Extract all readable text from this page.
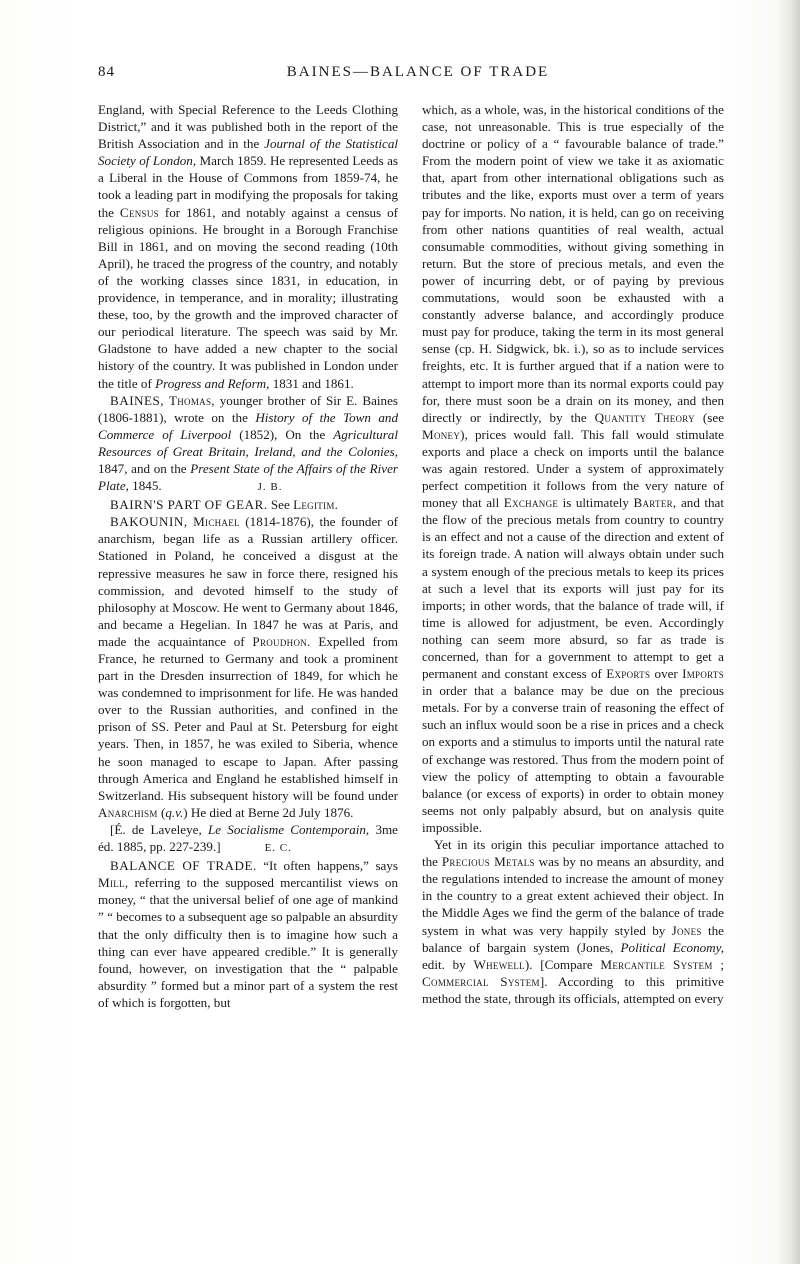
84	BAINES—BALANCE OF TRADE

England, with Special Reference to the Leeds Clothing District,” and it was published both in the report of the British Association and in the Journal of the Statistical Society of London, March 1859. He represented Leeds as a Liberal in the House of Commons from 1859-74, he took a leading part in modifying the proposals for taking the Census for 1861, and notably against a census of religious opinions. He brought in a Borough Franchise Bill in 1861, and on moving the second reading (10th April), he traced the progress of the country, and notably of the working classes since 1831, in education, in providence, in temperance, and in morality; illustrating these, too, by the growth and the improved character of our periodical literature. The speech was said by Mr. Gladstone to have added a new chapter to the social history of the country. It was published in London under the title of Progress and Reform, 1831 and 1861.

BAINES, Thomas, younger brother of Sir E. Baines (1806-1881), wrote on the History of the Town and Commerce of Liverpool (1852), On the Agricultural Resources of Great Britain, Ireland, and the Colonies, 1847, and on the Present State of the Affairs of the River Plate, 1845.	J. B.

BAIRN'S PART OF GEAR. See Legitim.

BAKOUNIN, Michael (1814-1876), the founder of anarchism, began life as a Russian artillery officer. Stationed in Poland, he conceived a disgust at the repressive measures he saw in force there, resigned his commission, and devoted himself to the study of philosophy at Moscow. He went to Germany about 1846, and became a Hegelian. In 1847 he was at Paris, and made the acquaintance of Proudhon. Expelled from France, he returned to Germany and took a prominent part in the Dresden insurrection of 1849, for which he was condemned to imprisonment for life. He was handed over to the Russian authorities, and confined in the prison of SS. Peter and Paul at St. Petersburg for eight years. Then, in 1857, he was exiled to Siberia, whence he soon managed to escape to Japan. After passing through America and England he established himself in Switzerland. His subsequent history will be found under Anarchism (q.v.) He died at Berne 2d July 1876.

[É. de Laveleye, Le Socialisme Contemporain, 3me éd. 1885, pp. 227-239.]	E. C.

BALANCE OF TRADE. “It often happens,” says Mill, referring to the supposed mercantilist views on money, “ that the universal belief of one age of mankind ” “ becomes to a subsequent age so palpable an absurdity that the only difficulty then is to imagine how such a thing can ever have appeared credible.” It is generally found, however, on investigation that the “ palpable absurdity ” formed but a minor part of a system the rest of which is forgotten, but

which, as a whole, was, in the historical conditions of the case, not unreasonable. This is true especially of the doctrine or policy of a “ favourable balance of trade.” From the modern point of view we take it as axiomatic that, apart from other international obligations such as tributes and the like, exports must over a term of years pay for imports. No nation, it is held, can go on receiving from other nations quantities of real wealth, actual consumable commodities, without giving something in return. But the store of precious metals, and even the power of incurring debt, or of paying by previous commutations, would soon be exhausted with a constantly adverse balance, and accordingly produce must pay for produce, taking the term in its most general sense (cp. H. Sidgwick, bk. i.), so as to include services freights, etc. It is further argued that if a nation were to attempt to import more than its normal exports could pay for, there must soon be a drain on its money, and then directly or indirectly, by the Quantity Theory (see Money), prices would fall. This fall would stimulate exports and place a check on imports until the balance was again restored. Under a system of approximately perfect competition it follows from the very nature of money that all Exchange is ultimately Barter, and that the flow of the precious metals from country to country is an effect and not a cause of the direction and extent of its foreign trade. A nation will always obtain under such a system enough of the precious metals to keep its prices at such a level that its exports will just pay for its imports; in other words, that the balance of trade will, if time is allowed for adjustment, be even. Accordingly nothing can seem more absurd, so far as trade is concerned, than for a government to attempt to get a permanent and constant excess of Exports over Imports in order that a balance may be due on the precious metals. For by a converse train of reasoning the effect of such an influx would soon be a rise in prices and a check on exports and a stimulus to imports until the natural rate of exchange was restored. Thus from the modern point of view the policy of attempting to obtain a favourable balance (or excess of exports) in order to obtain money seems not only palpably absurd, but on analysis quite impossible.

Yet in its origin this peculiar importance attached to the Precious Metals was by no means an absurdity, and the regulations intended to increase the amount of money in the country to a great extent achieved their object. In the Middle Ages we find the germ of the balance of trade system in what was very happily styled by Jones the balance of bargain system (Jones, Political Economy, edit. by Whewell). [Compare Mercantile System ; Commercial System]. According to this primitive method the state, through its officials, attempted on every
